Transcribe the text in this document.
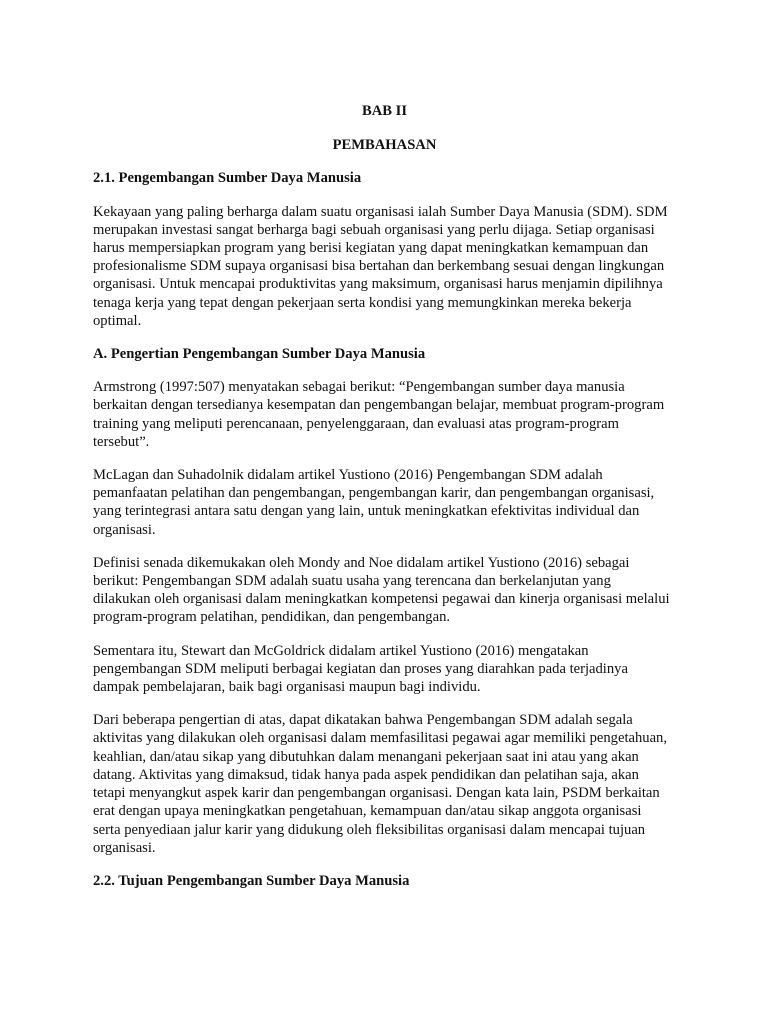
BAB II
PEMBAHASAN
2.1. Pengembangan Sumber Daya Manusia

Kekayaan yang paling berharga dalam suatu organisasi ialah Sumber Daya Manusia (SDM). SDM merupakan investasi sangat berharga bagi sebuah organisasi yang perlu dijaga. Setiap organisasi harus mempersiapkan program yang berisi kegiatan yang dapat meningkatkan kemampuan dan profesionalisme SDM supaya organisasi bisa bertahan dan berkembang sesuai dengan lingkungan organisasi. Untuk mencapai produktivitas yang maksimum, organisasi harus menjamin dipilihnya tenaga kerja yang tepat dengan pekerjaan serta kondisi yang memungkinkan mereka bekerja optimal.

A. Pengertian Pengembangan Sumber Daya Manusia

Armstrong (1997:507) menyatakan sebagai berikut: “Pengembangan sumber daya manusia berkaitan dengan tersedianya kesempatan dan pengembangan belajar, membuat program-program training yang meliputi perencanaan, penyelenggaraan, dan evaluasi atas program-program tersebut”.

McLagan dan Suhadolnik didalam artikel Yustiono (2016) Pengembangan SDM adalah pemanfaatan pelatihan dan pengembangan, pengembangan karir, dan pengembangan organisasi, yang terintegrasi antara satu dengan yang lain, untuk meningkatkan efektivitas individual dan organisasi.

Definisi senada dikemukakan oleh Mondy and Noe didalam artikel Yustiono (2016) sebagai berikut: Pengembangan SDM adalah suatu usaha yang terencana dan berkelanjutan yang dilakukan oleh organisasi dalam meningkatkan kompetensi pegawai dan kinerja organisasi melalui program-program pelatihan, pendidikan, dan pengembangan.

Sementara itu, Stewart dan McGoldrick didalam artikel Yustiono (2016) mengatakan pengembangan SDM meliputi berbagai kegiatan dan proses yang diarahkan pada terjadinya dampak pembelajaran, baik bagi organisasi maupun bagi individu.

Dari beberapa pengertian di atas, dapat dikatakan bahwa Pengembangan SDM adalah segala aktivitas yang dilakukan oleh organisasi dalam memfasilitasi pegawai agar memiliki pengetahuan, keahlian, dan/atau sikap yang dibutuhkan dalam menangani pekerjaan saat ini atau yang akan datang. Aktivitas yang dimaksud, tidak hanya pada aspek pendidikan dan pelatihan saja, akan tetapi menyangkut aspek karir dan pengembangan organisasi. Dengan kata lain, PSDM berkaitan erat dengan upaya meningkatkan pengetahuan, kemampuan dan/atau sikap anggota organisasi serta penyediaan jalur karir yang didukung oleh fleksibilitas organisasi dalam mencapai tujuan organisasi.

2.2. Tujuan Pengembangan Sumber Daya Manusia
